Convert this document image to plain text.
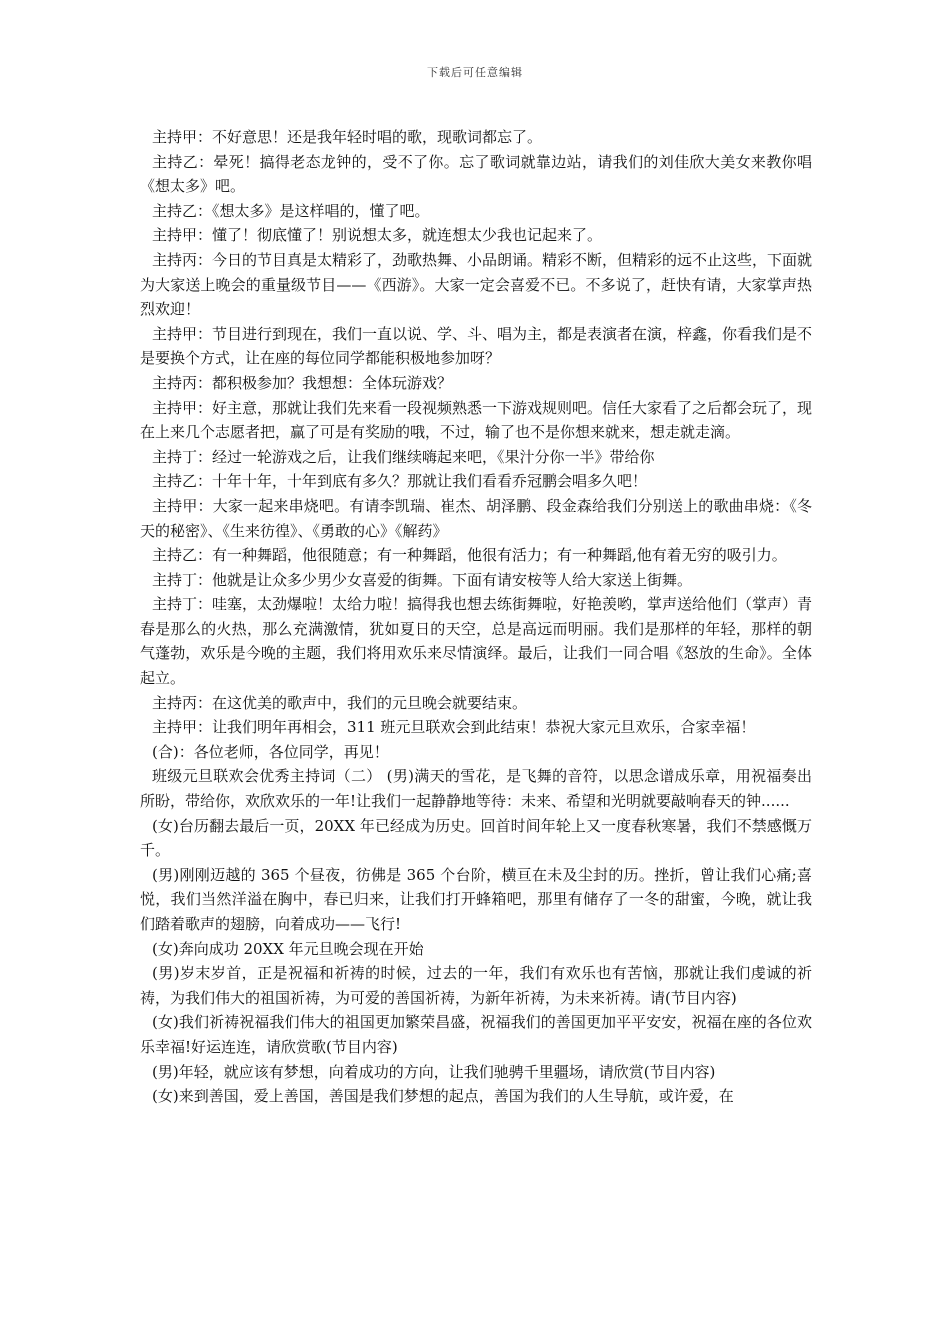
下载后可任意编辑

主持甲：不好意思！还是我年轻时唱的歌，现歌词都忘了。

主持乙：晕死！搞得老态龙钟的，受不了你。忘了歌词就靠边站，请我们的刘佳欣大美女来教你唱《想太多》吧。

主持乙：《想太多》是这样唱的，懂了吧。

主持甲：懂了！彻底懂了！别说想太多，就连想太少我也记起来了。

主持丙：今日的节目真是太精彩了，劲歌热舞、小品朗诵。精彩不断，但精彩的远不止这些，下面就为大家送上晚会的重量级节目——《西游》。大家一定会喜爱不已。不多说了，赶快有请，大家掌声热烈欢迎！

主持甲：节目进行到现在，我们一直以说、学、斗、唱为主，都是表演者在演，梓鑫，你看我们是不是要换个方式，让在座的每位同学都能积极地参加呀？

主持丙：都积极参加？我想想：全体玩游戏？

主持甲：好主意，那就让我们先来看一段视频熟悉一下游戏规则吧。信任大家看了之后都会玩了，现在上来几个志愿者把，赢了可是有奖励的哦，不过，输了也不是你想来就来，想走就走滴。

主持丁：经过一轮游戏之后，让我们继续嗨起来吧，《果汁分你一半》带给你

主持乙：十年十年，十年到底有多久？那就让我们看看乔冠鹏会唱多久吧！

主持甲：大家一起来串烧吧。有请李凯瑞、崔杰、胡泽鹏、段金森给我们分别送上的歌曲串烧：《冬天的秘密》、《生来彷徨》、《勇敢的心》《解药》

主持乙：有一种舞蹈，他很随意；有一种舞蹈，他很有活力；有一种舞蹈,他有着无穷的吸引力。

主持丁：他就是让众多少男少女喜爱的街舞。下面有请安桉等人给大家送上街舞。

主持丁：哇塞，太劲爆啦！太给力啦！搞得我也想去练街舞啦，好艳羡哟，掌声送给他们（掌声）青春是那么的火热，那么充满激情，犹如夏日的天空，总是高远而明丽。我们是那样的年轻，那样的朝气蓬勃，欢乐是今晚的主题，我们将用欢乐来尽情演绎。最后，让我们一同合唱《怒放的生命》。全体起立。

主持丙：在这优美的歌声中，我们的元旦晚会就要结束。

主持甲：让我们明年再相会，311 班元旦联欢会到此结束！恭祝大家元旦欢乐，合家幸福！

(合)：各位老师，各位同学，再见！

班级元旦联欢会优秀主持词（二） (男)满天的雪花，是飞舞的音符，以思念谱成乐章，用祝福奏出所盼，带给你，欢欣欢乐的一年!让我们一起静静地等待：未来、希望和光明就要敲响春天的钟......

(女)台历翻去最后一页，20XX 年已经成为历史。回首时间年轮上又一度春秋寒暑，我们不禁感慨万千。

(男)刚刚迈越的 365 个昼夜，彷佛是 365 个台阶，横亘在未及尘封的历。挫折，曾让我们心痛;喜悦，我们当然洋溢在胸中，春已归来，让我们打开蜂箱吧，那里有储存了一冬的甜蜜，今晚，就让我们踏着歌声的翅膀，向着成功——飞行!

(女)奔向成功 20XX 年元旦晚会现在开始

(男)岁末岁首，正是祝福和祈祷的时候，过去的一年，我们有欢乐也有苦恼，那就让我们虔诚的祈祷，为我们伟大的祖国祈祷，为可爱的善国祈祷，为新年祈祷，为未来祈祷。请(节目内容)

(女)我们祈祷祝福我们伟大的祖国更加繁荣昌盛，祝福我们的善国更加平平安安，祝福在座的各位欢乐幸福!好运连连，请欣赏歌(节目内容)

(男)年轻，就应该有梦想，向着成功的方向，让我们驰骋千里疆场，请欣赏(节目内容)

(女)来到善国，爱上善国，善国是我们梦想的起点，善国为我们的人生导航，或许爱，在
